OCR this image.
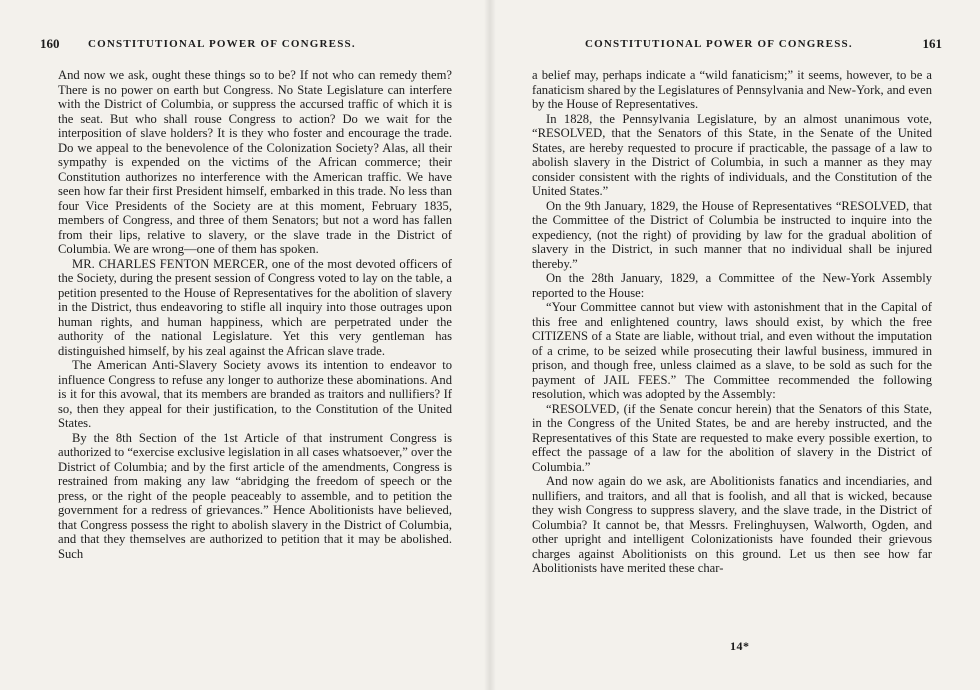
160	CONSTITUTIONAL POWER OF CONGRESS.

And now we ask, ought these things so to be? If not who can remedy them? There is no power on earth but Congress. No State Legislature can interfere with the District of Columbia, or suppress the accursed traffic of which it is the seat. But who shall rouse Congress to action? Do we wait for the interposition of slave holders? It is they who foster and encourage the trade. Do we appeal to the benevolence of the Colonization Society? Alas, all their sympathy is expended on the victims of the African commerce; their Constitution authorizes no interference with the American traffic. We have seen how far their first President himself, embarked in this trade. No less than four Vice Presidents of the Society are at this moment, February 1835, members of Congress, and three of them Senators; but not a word has fallen from their lips, relative to slavery, or the slave trade in the District of Columbia. We are wrong—one of them has spoken.

MR. CHARLES FENTON MERCER, one of the most devoted officers of the Society, during the present session of Congress voted to lay on the table, a petition presented to the House of Representatives for the abolition of slavery in the District, thus endeavoring to stifle all inquiry into those outrages upon human rights, and human happiness, which are perpetrated under the authority of the national Legislature. Yet this very gentleman has distinguished himself, by his zeal against the African slave trade.

The American Anti-Slavery Society avows its intention to endeavor to influence Congress to refuse any longer to authorize these abominations. And is it for this avowal, that its members are branded as traitors and nullifiers? If so, then they appeal for their justification, to the Constitution of the United States.

By the 8th Section of the 1st Article of that instrument Congress is authorized to “exercise exclusive legislation in all cases whatsoever,” over the District of Columbia; and by the first article of the amendments, Congress is restrained from making any law “abridging the freedom of speech or the press, or the right of the people peaceably to assemble, and to petition the government for a redress of grievances.” Hence Abolitionists have believed, that Congress possess the right to abolish slavery in the District of Columbia, and that they themselves are authorized to petition that it may be abolished. Such

CONSTITUTIONAL POWER OF CONGRESS.	161

a belief may, perhaps indicate a “wild fanaticism;” it seems, however, to be a fanaticism shared by the Legislatures of Pennsylvania and New-York, and even by the House of Representatives.

In 1828, the Pennsylvania Legislature, by an almost unanimous vote, “RESOLVED, that the Senators of this State, in the Senate of the United States, are hereby requested to procure if practicable, the passage of a law to abolish slavery in the District of Columbia, in such a manner as they may consider consistent with the rights of individuals, and the Constitution of the United States.”

On the 9th January, 1829, the House of Representatives “RESOLVED, that the Committee of the District of Columbia be instructed to inquire into the expediency, (not the right) of providing by law for the gradual abolition of slavery in the District, in such manner that no individual shall be injured thereby.”

On the 28th January, 1829, a Committee of the New-York Assembly reported to the House:

“Your Committee cannot but view with astonishment that in the Capital of this free and enlightened country, laws should exist, by which the free CITIZENS of a State are liable, without trial, and even without the imputation of a crime, to be seized while prosecuting their lawful business, immured in prison, and though free, unless claimed as a slave, to be sold as such for the payment of JAIL FEES.” The Committee recommended the following resolution, which was adopted by the Assembly:

“RESOLVED, (if the Senate concur herein) that the Senators of this State, in the Congress of the United States, be and are hereby instructed, and the Representatives of this State are requested to make every possible exertion, to effect the passage of a law for the abolition of slavery in the District of Columbia.”

And now again do we ask, are Abolitionists fanatics and incendiaries, and nullifiers, and traitors, and all that is foolish, and all that is wicked, because they wish Congress to suppress slavery, and the slave trade, in the District of Columbia? It cannot be, that Messrs. Frelinghuysen, Walworth, Ogden, and other upright and intelligent Colonizationists have founded their grievous charges against Abolitionists on this ground. Let us then see how far Abolitionists have merited these char-

14*
